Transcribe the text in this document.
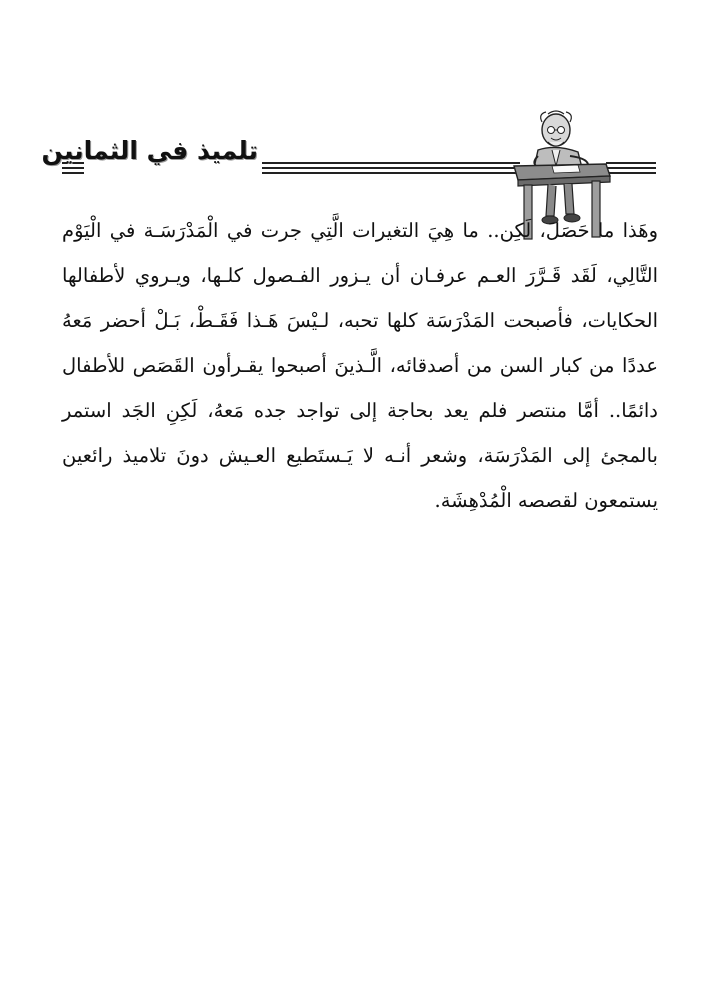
تلميذ في الثمانين

وهَذا ما حَصَلَ، لَكِن.. ما هِيَ التغيرات الَّتِي جرت في الْمَدْرَسَـة في الْيَوْم التَّالِي، لَقَد قَـرَّرَ العـم عرفـان أن يـزور الفـصول كلـها، ويـروي لأطفالها الحكايات، فأصبحت المَدْرَسَة كلها تحبه، لـيْسَ هَـذا فَقَـطْ، بَـلْ أحضر مَعهُ عددًا من كبار السن من أصدقائه، الَّـذينَ أصبحوا يقـرأون القَصَص للأطفال دائمًا.. أمَّا منتصر فلم يعد بحاجة إلى تواجد جده مَعهُ، لَكِنِ الجَد استمر بالمجئ إلى المَدْرَسَة، وشعر أنـه لا يَـستَطيع العـيش دونَ تلاميذ رائعين يستمعون لقصصه الْمُدْهِشَة.
